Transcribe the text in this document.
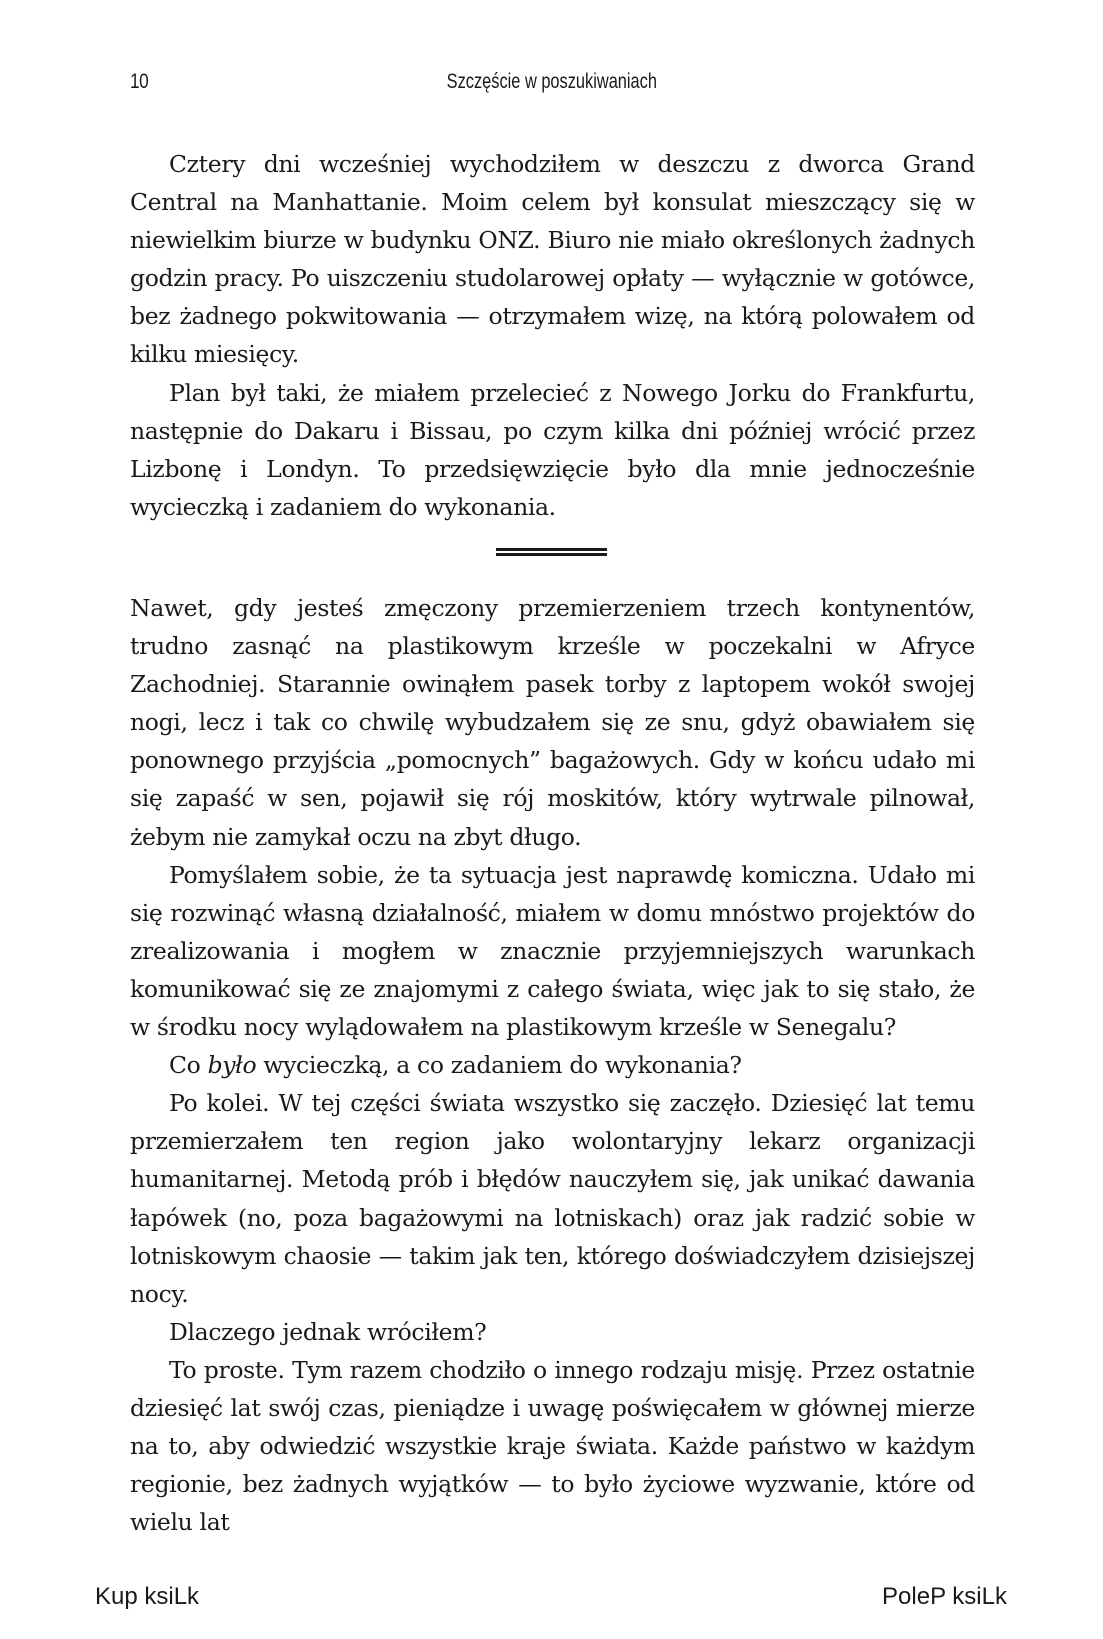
10	Szczęście w poszukiwaniach

Cztery dni wcześniej wychodziłem w deszczu z dworca Grand Central na Manhattanie. Moim celem był konsulat mieszczący się w niewielkim biurze w budynku ONZ. Biuro nie miało określonych żadnych godzin pracy. Po uiszczeniu studolarowej opłaty — wyłącznie w gotówce, bez żadnego pokwitowania — otrzymałem wizę, na którą polowałem od kilku miesięcy.

Plan był taki, że miałem przelecieć z Nowego Jorku do Frankfurtu, następnie do Dakaru i Bissau, po czym kilka dni później wrócić przez Lizbonę i Londyn. To przedsięwzięcie było dla mnie jednocześnie wycieczką i zadaniem do wykonania.

Nawet, gdy jesteś zmęczony przemierzeniem trzech kontynentów, trudno zasnąć na plastikowym krześle w poczekalni w Afryce Zachodniej. Starannie owinąłem pasek torby z laptopem wokół swojej nogi, lecz i tak co chwilę wybudzałem się ze snu, gdyż obawiałem się ponownego przyjścia „pomocnych” bagażowych. Gdy w końcu udało mi się zapaść w sen, pojawił się rój moskitów, który wytrwale pilnował, żebym nie zamykał oczu na zbyt długo.

Pomyślałem sobie, że ta sytuacja jest naprawdę komiczna. Udało mi się rozwinąć własną działalność, miałem w domu mnóstwo projektów do zrealizowania i mogłem w znacznie przyjemniejszych warunkach komunikować się ze znajomymi z całego świata, więc jak to się stało, że w środku nocy wylądowałem na plastikowym krześle w Senegalu?

Co było wycieczką, a co zadaniem do wykonania?

Po kolei. W tej części świata wszystko się zaczęło. Dziesięć lat temu przemierzałem ten region jako wolontaryjny lekarz organizacji humanitarnej. Metodą prób i błędów nauczyłem się, jak unikać dawania łapówek (no, poza bagażowymi na lotniskach) oraz jak radzić sobie w lotniskowym chaosie — takim jak ten, którego doświadczyłem dzisiejszej nocy.

Dlaczego jednak wróciłem?

To proste. Tym razem chodziło o innego rodzaju misję. Przez ostatnie dziesięć lat swój czas, pieniądze i uwagę poświęcałem w głównej mierze na to, aby odwiedzić wszystkie kraje świata. Każde państwo w każdym regionie, bez żadnych wyjątków — to było życiowe wyzwanie, które od wielu lat

Kup ksiLk	PoleP ksiLk
